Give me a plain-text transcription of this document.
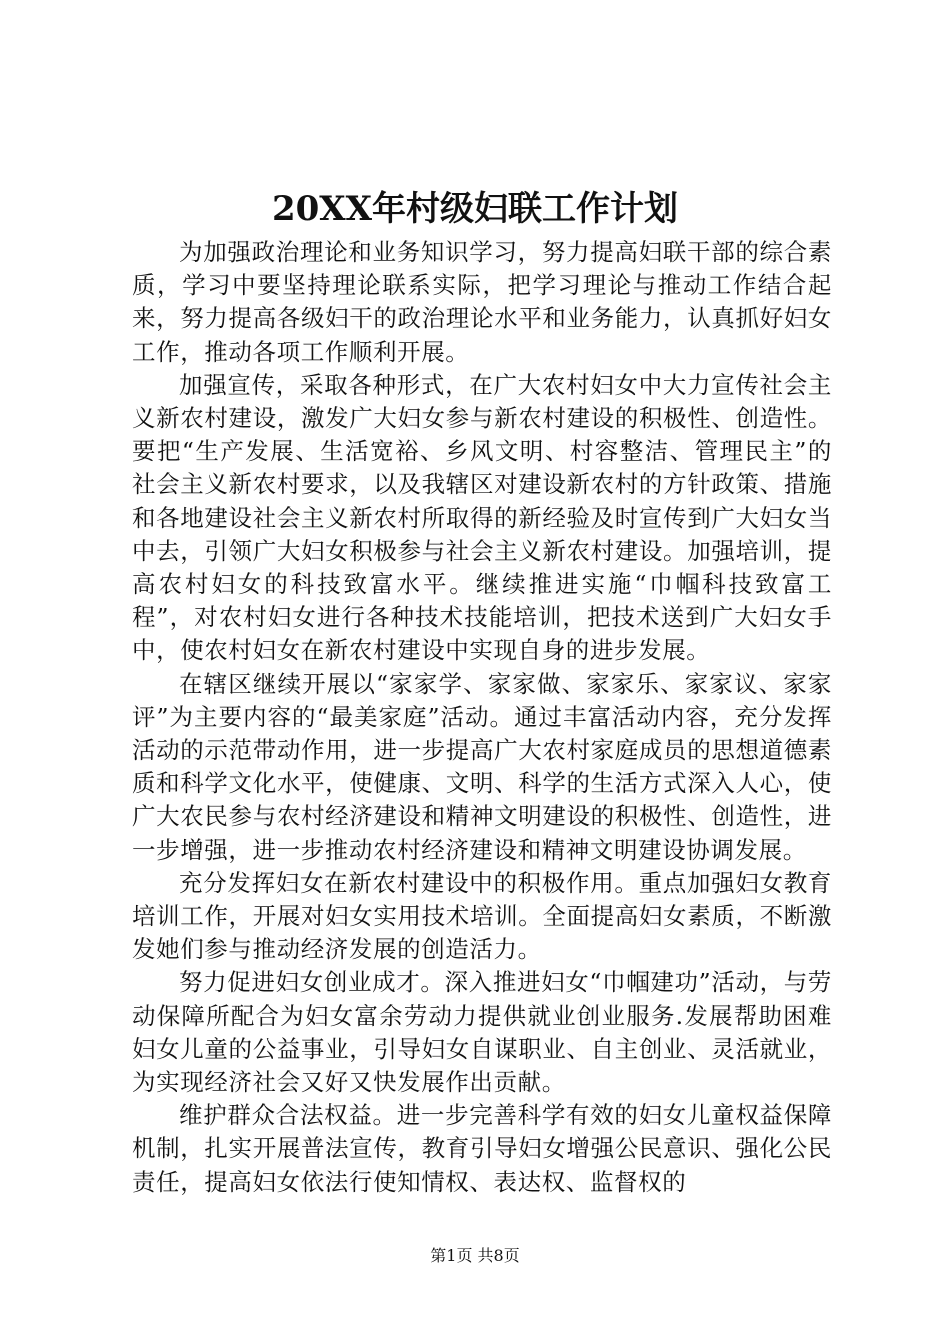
20XX年村级妇联工作计划

为加强政治理论和业务知识学习，努力提高妇联干部的综合素质，学习中要坚持理论联系实际，把学习理论与推动工作结合起来，努力提高各级妇干的政治理论水平和业务能力，认真抓好妇女工作，推动各项工作顺利开展。

加强宣传，采取各种形式，在广大农村妇女中大力宣传社会主义新农村建设，激发广大妇女参与新农村建设的积极性、创造性。要把“生产发展、生活宽裕、乡风文明、村容整洁、管理民主”的社会主义新农村要求，以及我辖区对建设新农村的方针政策、措施和各地建设社会主义新农村所取得的新经验及时宣传到广大妇女当中去，引领广大妇女积极参与社会主义新农村建设。加强培训，提高农村妇女的科技致富水平。继续推进实施“巾帼科技致富工程”，对农村妇女进行各种技术技能培训，把技术送到广大妇女手中，使农村妇女在新农村建设中实现自身的进步发展。

在辖区继续开展以“家家学、家家做、家家乐、家家议、家家评”为主要内容的“最美家庭”活动。通过丰富活动内容，充分发挥活动的示范带动作用，进一步提高广大农村家庭成员的思想道德素质和科学文化水平，使健康、文明、科学的生活方式深入人心，使广大农民参与农村经济建设和精神文明建设的积极性、创造性，进一步增强，进一步推动农村经济建设和精神文明建设协调发展。

充分发挥妇女在新农村建设中的积极作用。重点加强妇女教育培训工作，开展对妇女实用技术培训。全面提高妇女素质，不断激发她们参与推动经济发展的创造活力。

努力促进妇女创业成才。深入推进妇女“巾帼建功”活动，与劳动保障所配合为妇女富余劳动力提供就业创业服务.发展帮助困难妇女儿童的公益事业，引导妇女自谋职业、自主创业、灵活就业，为实现经济社会又好又快发展作出贡献。

维护群众合法权益。进一步完善科学有效的妇女儿童权益保障机制，扎实开展普法宣传，教育引导妇女增强公民意识、强化公民责任，提高妇女依法行使知情权、表达权、监督权的

第1页 共8页
